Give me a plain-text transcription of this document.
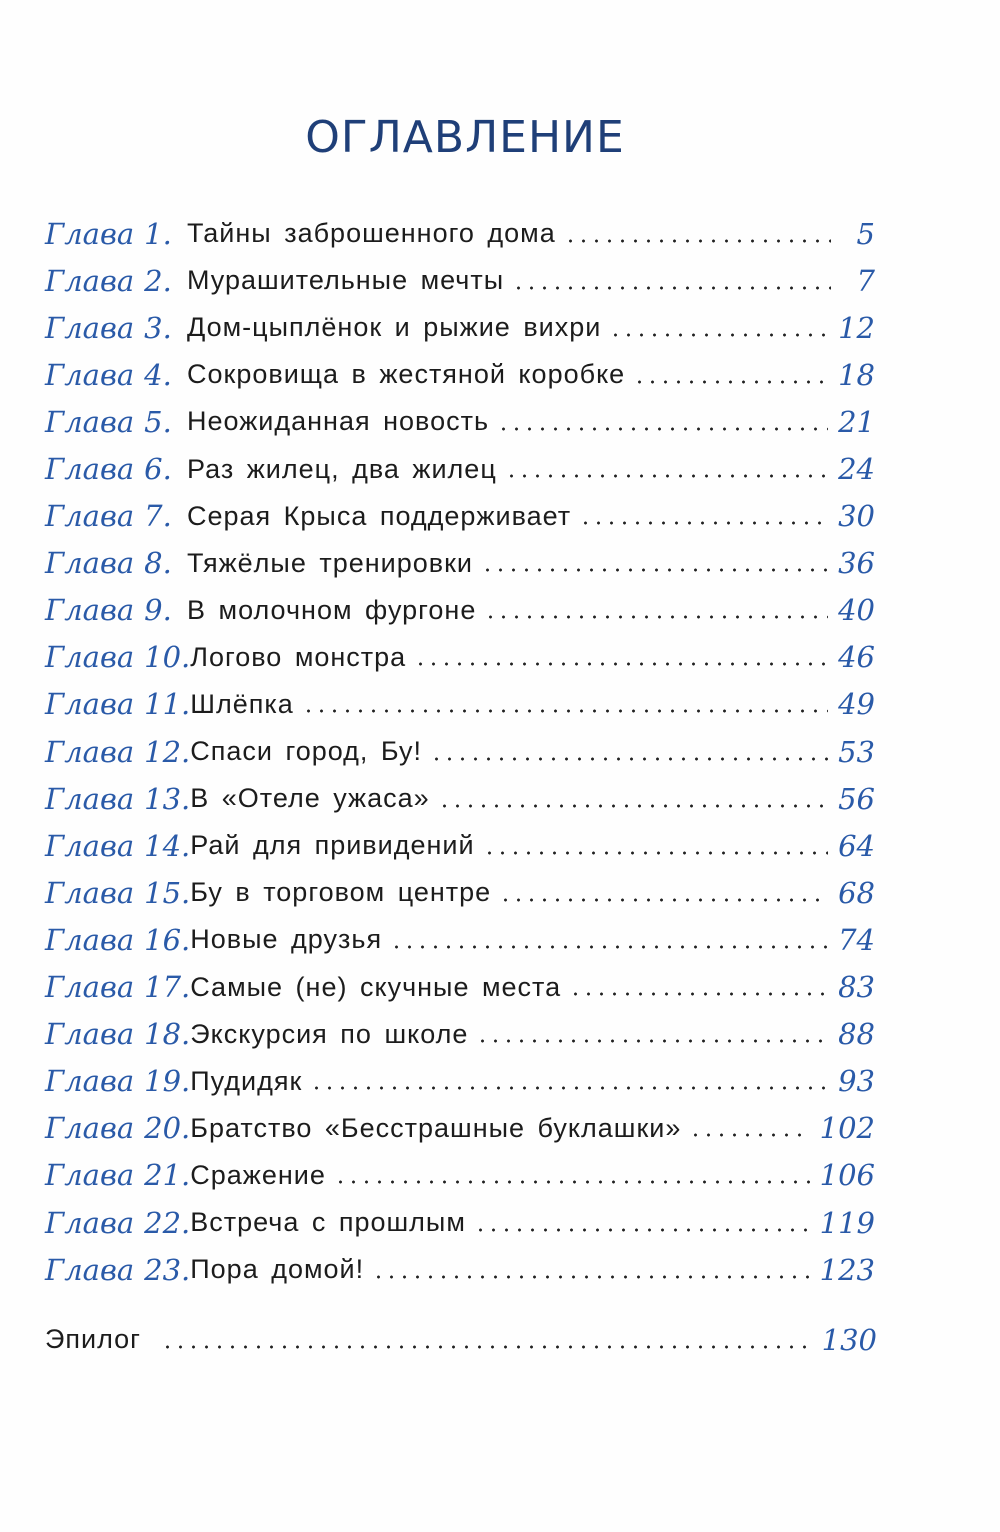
ОГЛАВЛЕНИЕ
Глава 1. Тайны заброшенного дома	5
Глава 2. Мурашительные мечты	7
Глава 3. Дом-цыплёнок и рыжие вихри	12
Глава 4. Сокровища в жестяной коробке	18
Глава 5. Неожиданная новость	21
Глава 6. Раз жилец, два жилец	24
Глава 7. Серая Крыса поддерживает	30
Глава 8. Тяжёлые тренировки	36
Глава 9. В молочном фургоне	40
Глава 10. Логово монстра	46
Глава 11. Шлёпка	49
Глава 12. Спаси город, Бу!	53
Глава 13. В «Отеле ужаса»	56
Глава 14. Рай для привидений	64
Глава 15. Бу в торговом центре	68
Глава 16. Новые друзья	74
Глава 17. Самые (не) скучные места	83
Глава 18. Экскурсия по школе	88
Глава 19. Пудидяк	93
Глава 20. Братство «Бесстрашные буклашки»	102
Глава 21. Сражение	106
Глава 22. Встреча с прошлым	119
Глава 23. Пора домой!	123
Эпилог	130
